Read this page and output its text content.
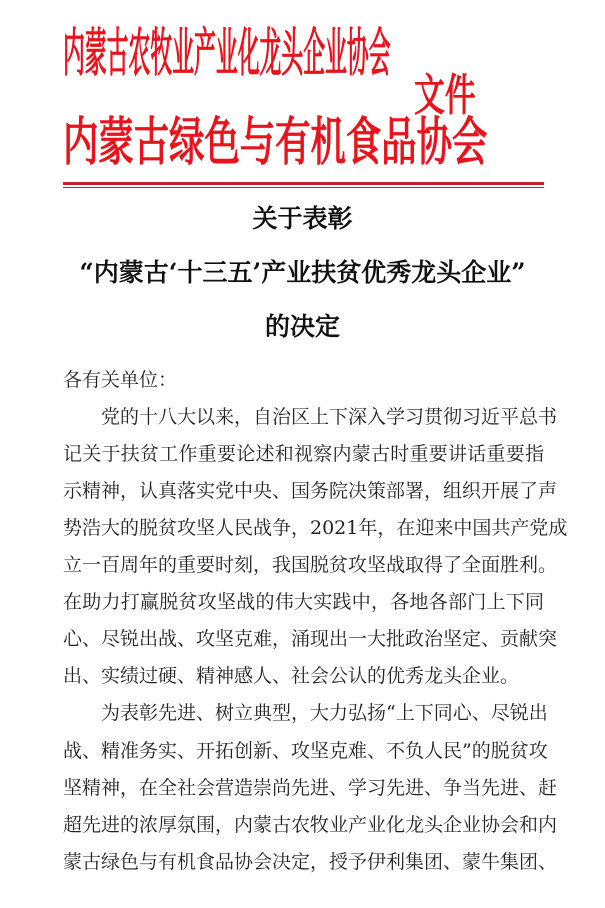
内蒙古农牧业产业化龙头企业协会
内蒙古绿色与有机食品协会
文件
关于表彰
“内蒙古‘十三五’产业扶贫优秀龙头企业”
的决定
各有关单位：
党的十八大以来，自治区上下深入学习贯彻习近平总书
记关于扶贫工作重要论述和视察内蒙古时重要讲话重要指
示精神，认真落实党中央、国务院决策部署，组织开展了声
势浩大的脱贫攻坚人民战争，2021年，在迎来中国共产党成
立一百周年的重要时刻，我国脱贫攻坚战取得了全面胜利。
在助力打赢脱贫攻坚战的伟大实践中，各地各部门上下同
心、尽锐出战、攻坚克难，涌现出一大批政治坚定、贡献突
出、实绩过硬、精神感人、社会公认的优秀龙头企业。
为表彰先进、树立典型，大力弘扬“上下同心、尽锐出
战、精准务实、开拓创新、攻坚克难、不负人民”的脱贫攻
坚精神，在全社会营造崇尚先进、学习先进、争当先进、赶
超先进的浓厚氛围，内蒙古农牧业产业化龙头企业协会和内
蒙古绿色与有机食品协会决定，授予伊利集团、蒙牛集团、
